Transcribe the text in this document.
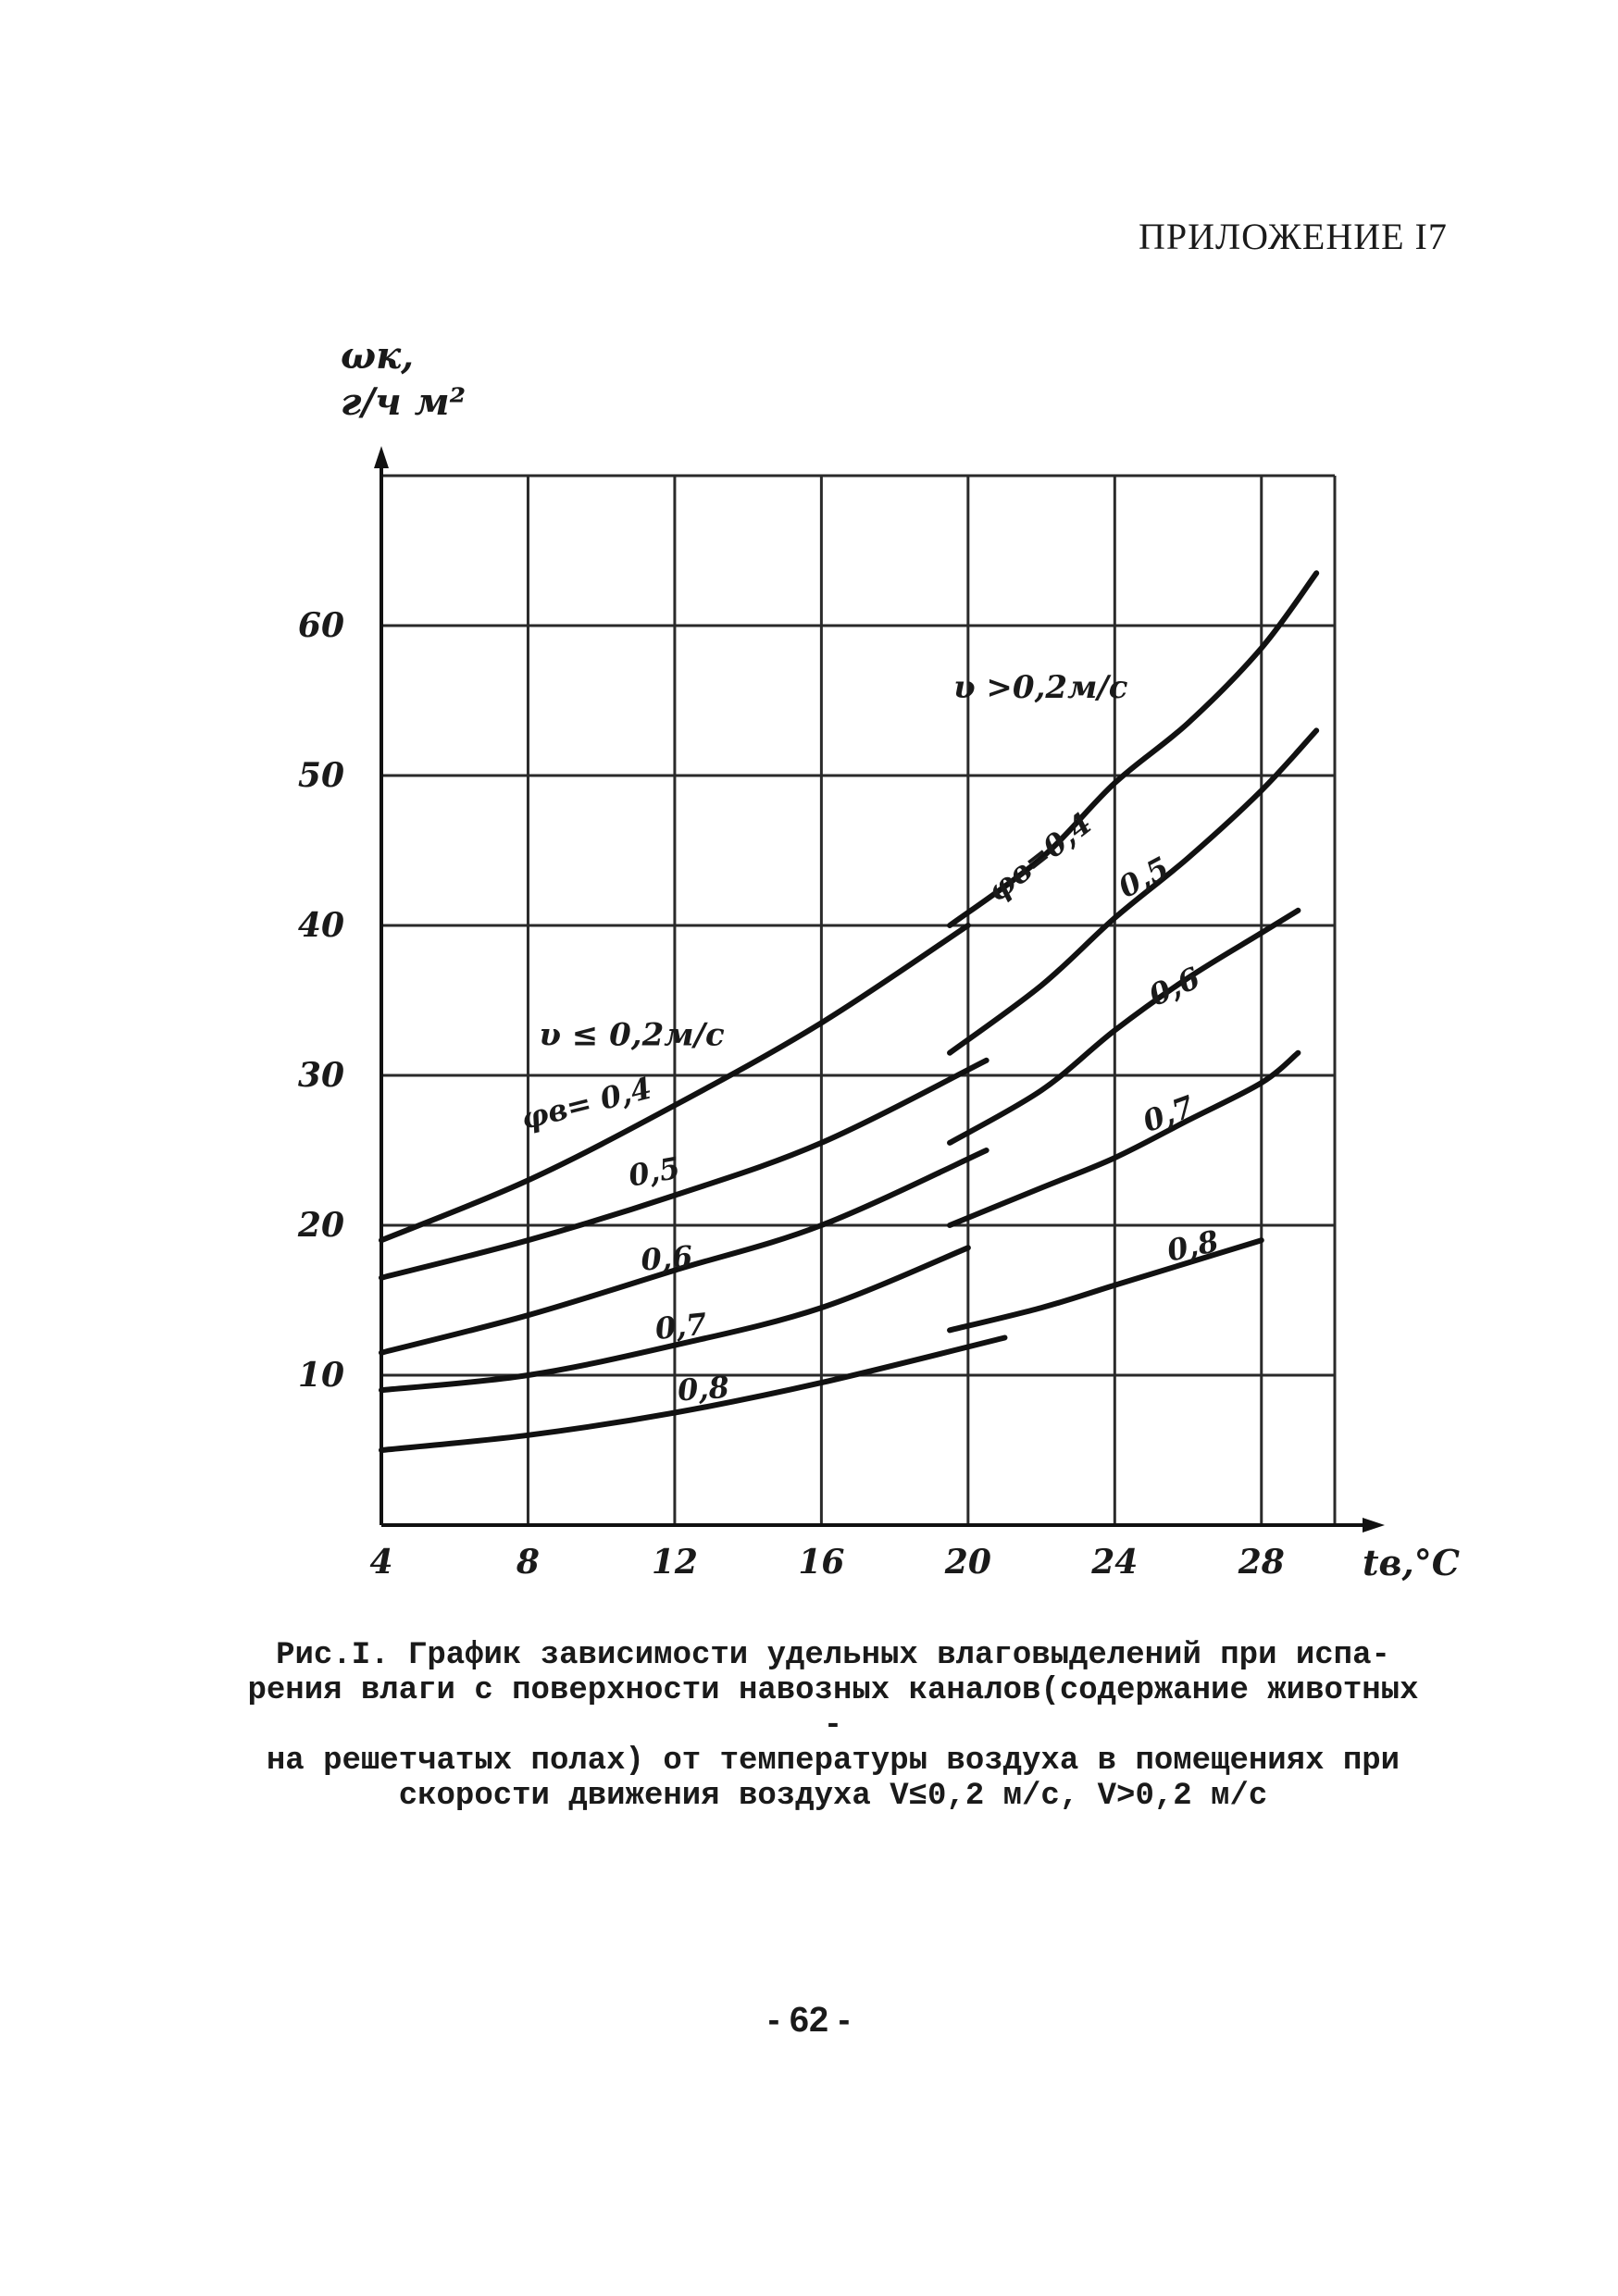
ПРИЛОЖЕНИЕ I7
ωк,
г/ч м²
4	8	12	16	20	24	28
10
20
30
40
50
60
tв,°C
υ ≤ 0,2м/с
υ >0,2м/с
φв= 0,4
0,5
0,6
0,7
0,8
φв=0,4 0,5
0,6
0,7
0,8
Рис.I. График зависимости удельных влаговыделений при испа-
рения влаги с поверхности навозных каналов(содержание животных -
на решетчатых полах) от температуры воздуха в помещениях при
скорости движения воздуха V≤0,2 м/с, V>0,2 м/с
- 62 -
